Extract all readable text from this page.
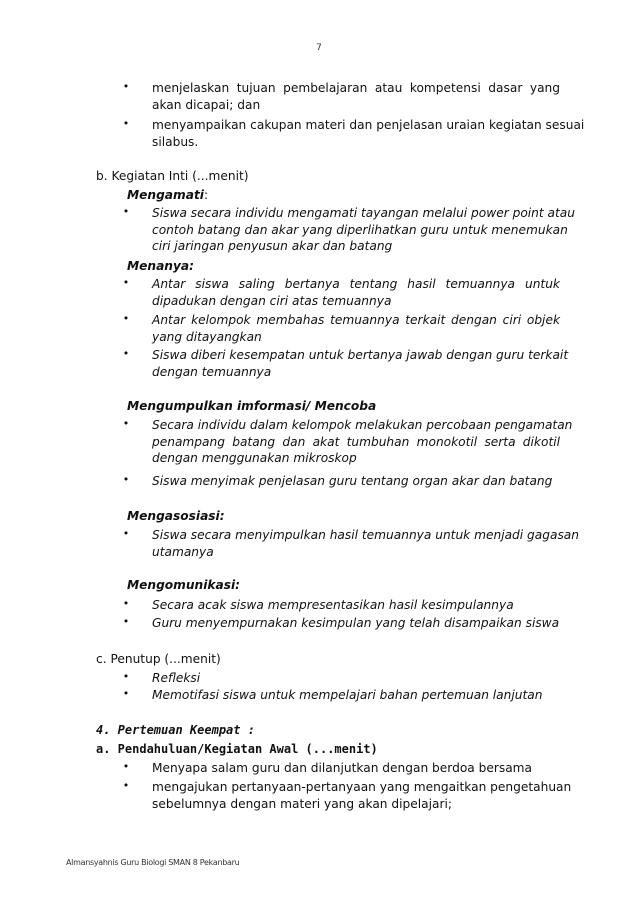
7
• menjelaskan tujuan pembelajaran atau kompetensi dasar yang
akan dicapai; dan
• menyampaikan cakupan materi dan penjelasan uraian kegiatan sesuai
silabus.
b. Kegiatan Inti (...menit)
Mengamati:
• Siswa secara individu mengamati tayangan melalui power point atau
contoh batang dan akar yang diperlihatkan guru untuk menemukan
ciri jaringan penyusun akar dan batang
Menanya:
• Antar siswa saling bertanya tentang hasil temuannya untuk
dipadukan dengan ciri atas temuannya
• Antar kelompok membahas temuannya terkait dengan ciri objek
yang ditayangkan
• Siswa diberi kesempatan untuk bertanya jawab dengan guru terkait
dengan temuannya
Mengumpulkan imformasi/ Mencoba
• Secara individu dalam kelompok melakukan percobaan pengamatan
penampang batang dan akat tumbuhan monokotil serta dikotil
dengan menggunakan mikroskop
• Siswa menyimak penjelasan guru tentang organ akar dan batang
Mengasosiasi:
• Siswa secara menyimpulkan hasil temuannya untuk menjadi gagasan
utamanya
Mengomunikasi:
• Secara acak siswa mempresentasikan hasil kesimpulannya
• Guru menyempurnakan kesimpulan yang telah disampaikan siswa
c. Penutup (...menit)
• Refleksi
• Memotifasi siswa untuk mempelajari bahan pertemuan lanjutan
4. Pertemuan Keempat :
a. Pendahuluan/Kegiatan Awal (...menit)
• Menyapa salam guru dan dilanjutkan dengan berdoa bersama
• mengajukan pertanyaan-pertanyaan yang mengaitkan pengetahuan
sebelumnya dengan materi yang akan dipelajari;
Almansyahnis Guru Biologi SMAN 8 Pekanbaru
